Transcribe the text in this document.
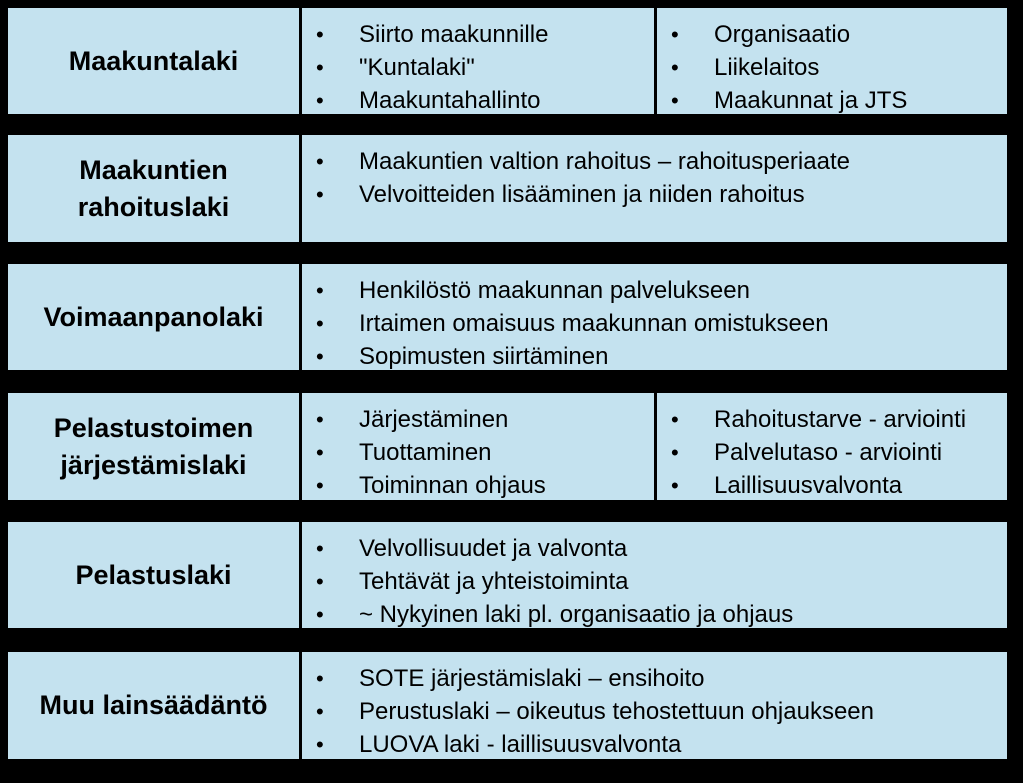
Maakuntalaki
• Siirto maakunnille
• "Kuntalaki"
• Maakuntahallinto
• Organisaatio
• Liikelaitos
• Maakunnat ja JTS
Maakuntien
rahoituslaki
• Maakuntien valtion rahoitus – rahoitusperiaate
• Velvoitteiden lisääminen ja niiden rahoitus
Voimaanpanolaki
• Henkilöstö maakunnan palvelukseen
• Irtaimen omaisuus maakunnan omistukseen
• Sopimusten siirtäminen
Pelastustoimen
järjestämislaki
• Järjestäminen
• Tuottaminen
• Toiminnan ohjaus
• Rahoitustarve - arviointi
• Palvelutaso - arviointi
• Laillisuusvalvonta
Pelastuslaki
• Velvollisuudet ja valvonta
• Tehtävät ja yhteistoiminta
• ~ Nykyinen laki pl. organisaatio ja ohjaus
Muu lainsäädäntö
• SOTE järjestämislaki – ensihoito
• Perustuslaki – oikeutus tehostettuun ohjaukseen
• LUOVA laki - laillisuusvalvonta
